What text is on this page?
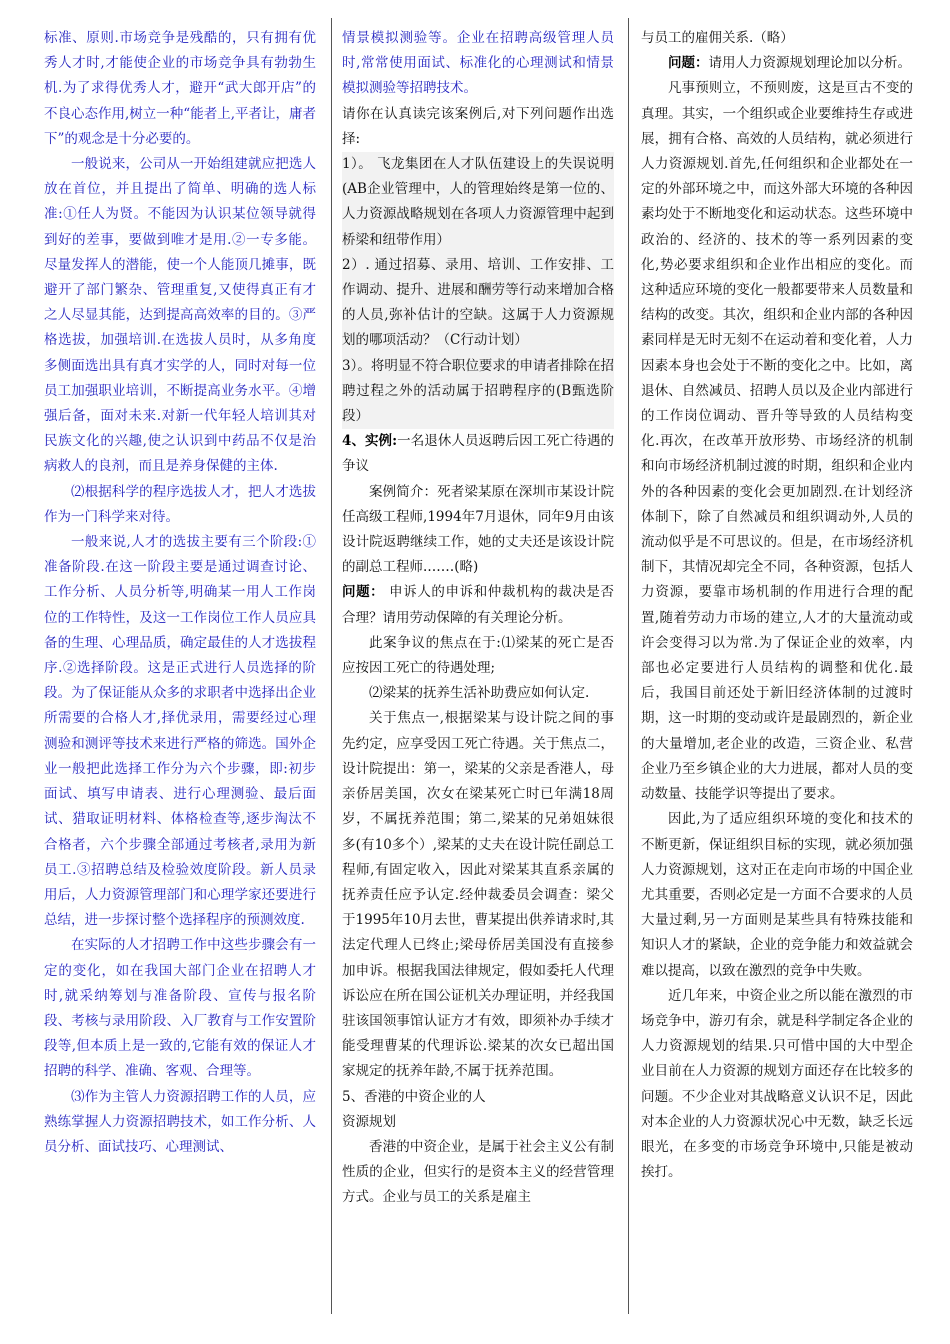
标准、原则.市场竞争是残酷的，只有拥有优秀人才时,才能使企业的市场竞争具有勃勃生机.为了求得优秀人才，避开“武大郎开店”的不良心态作用,树立一种“能者上,平者让，庸者下”的观念是十分必要的。

一般说来，公司从一开始组建就应把选人放在首位，并且提出了简单、明确的选人标准:①任人为贤。不能因为认识某位领导就得到好的差事，要做到唯才是用.②一专多能。尽量发挥人的潜能，使一个人能顶几摊事，既避开了部门繁杂、管理重复,又使得真正有才之人尽显其能，达到提高高效率的目的。③严格选拔，加强培训.在选拔人员时，从多角度多侧面选出具有真才实学的人，同时对每一位员工加强职业培训，不断提高业务水平。④增强后备，面对未来.对新一代年轻人培训其对民族文化的兴趣,使之认识到中药品不仅是治病救人的良剂，而且是养身保健的主体.

⑵根据科学的程序选拔人才，把人才选拔作为一门科学来对待。

一般来说,人才的选拔主要有三个阶段:①准备阶段.在这一阶段主要是通过调查讨论、工作分析、人员分析等,明确某一用人工作岗位的工作特性，及这一工作岗位工作人员应具备的生理、心理品质，确定最佳的人才选拔程序.②选择阶段。这是正式进行人员选择的阶段。为了保证能从众多的求职者中选择出企业所需要的合格人才,择优录用，需要经过心理测验和测评等技术来进行严格的筛选。国外企业一般把此选择工作分为六个步骤，即:初步面试、填写申请表、进行心理测验、最后面试、猎取证明材料、体格检查等,逐步淘汰不合格者，六个步骤全部通过考核者,录用为新员工.③招聘总结及检验效度阶段。新人员录用后，人力资源管理部门和心理学家还要进行总结，进一步探讨整个选择程序的预测效度.

在实际的人才招聘工作中这些步骤会有一定的变化，如在我国大部门企业在招聘人才时,就采纳筹划与准备阶段、宣传与报名阶段、考核与录用阶段、入厂教育与工作安置阶段等,但本质上是一致的,它能有效的保证人才招聘的科学、准确、客观、合理等。

⑶作为主管人力资源招聘工作的人员，应熟练掌握人力资源招聘技术，如工作分析、人员分析、面试技巧、心理测试、

情景模拟测验等。企业在招聘高级管理人员时,常常使用面试、标准化的心理测试和情景模拟测验等招聘技术。

请你在认真读完该案例后,对下列问题作出选择:

1）。 飞龙集团在人才队伍建设上的失误说明(AB企业管理中，人的管理始终是第一位的、人力资源战略规划在各项人力资源管理中起到桥梁和纽带作用）

2）. 通过招募、录用、培训、工作安排、工作调动、提升、进展和酬劳等行动来增加合格的人员,弥补估计的空缺。这属于人力资源规划的哪项活动？（C行动计划）

3）。将明显不符合职位要求的申请者排除在招聘过程之外的活动属于招聘程序的(B甄选阶段）

4、实例:一名退休人员返聘后因工死亡待遇的争议

案例简介：死者梁某原在深圳市某设计院任高级工程师,1994年7月退休，同年9月由该设计院返聘继续工作，她的丈夫还是该设计院的副总工程师.……(略)

问题： 申诉人的申诉和仲裁机构的裁决是否合理？请用劳动保障的有关理论分析。

此案争议的焦点在于:⑴梁某的死亡是否应按因工死亡的待遇处理;

⑵梁某的抚养生活补助费应如何认定.

关于焦点一,根据梁某与设计院之间的事先约定，应享受因工死亡待遇。关于焦点二，设计院提出：第一，梁某的父亲是香港人，母亲侨居美国，次女在梁某死亡时已年满18周岁，不属抚养范围；第二,梁某的兄弟姐妹很多(有10多个）,梁某的丈夫在设计院任副总工程师,有固定收入，因此对梁某其直系亲属的抚养责任应予认定.经仲裁委员会调查：梁父于1995年10月去世，曹某提出供养请求时,其法定代理人已终止;梁母侨居美国没有直接参加申诉。根据我国法律规定，假如委托人代理诉讼应在所在国公证机关办理证明，并经我国驻该国领事馆认证方才有效，即须补办手续才能受理曹某的代理诉讼.梁某的次女已超出国家规定的抚养年龄,不属于抚养范围。

5、香港的中资企业的人

资源规划

香港的中资企业，是属于社会主义公有制性质的企业，但实行的是资本主义的经营管理方式。企业与员工的关系是雇主

与员工的雇佣关系.（略）

问题：请用人力资源规划理论加以分析。

凡事预则立，不预则废，这是亘古不变的真理。其实，一个组织或企业要维持生存或进展，拥有合格、高效的人员结构，就必须进行人力资源规划.首先,任何组织和企业都处在一定的外部环境之中，而这外部大环境的各种因素均处于不断地变化和运动状态。这些环境中政治的、经济的、技术的等一系列因素的变化,势必要求组织和企业作出相应的变化。而这种适应环境的变化一般都要带来人员数量和结构的改变。其次，组织和企业内部的各种因素同样是无时无刻不在运动着和变化着，人力因素本身也会处于不断的变化之中。比如，离退休、自然减员、招聘人员以及企业内部进行的工作岗位调动、晋升等导致的人员结构变化.再次，在改革开放形势、市场经济的机制和向市场经济机制过渡的时期，组织和企业内外的各种因素的变化会更加剧烈.在计划经济体制下，除了自然减员和组织调动外,人员的流动似乎是不可思议的。但是，在市场经济机制下，其情况却完全不同，各种资源，包括人力资源，要靠市场机制的作用进行合理的配置,随着劳动力市场的建立,人才的大量流动或许会变得习以为常.为了保证企业的效率，内部也必定要进行人员结构的调整和优化.最后，我国目前还处于新旧经济体制的过渡时期，这一时期的变动或许是最剧烈的，新企业的大量增加,老企业的改造，三资企业、私营企业乃至乡镇企业的大力进展，都对人员的变动数量、技能学识等提出了要求。

因此,为了适应组织环境的变化和技术的不断更新，保证组织目标的实现，就必须加强人力资源规划，这对正在走向市场的中国企业尤其重要，否则必定是一方面不合要求的人员大量过剩,另一方面则是某些具有特殊技能和知识人才的紧缺，企业的竞争能力和效益就会难以提高，以致在激烈的竞争中失败。

近几年来，中资企业之所以能在激烈的市场竞争中，游刃有余，就是科学制定各企业的人力资源规划的结果.只可惜中国的大中型企业目前在人力资源的规划方面还存在比较多的问题。不少企业对其战略意义认识不足，因此对本企业的人力资源状况心中无数，缺乏长远眼光，在多变的市场竞争环境中,只能是被动挨打。
